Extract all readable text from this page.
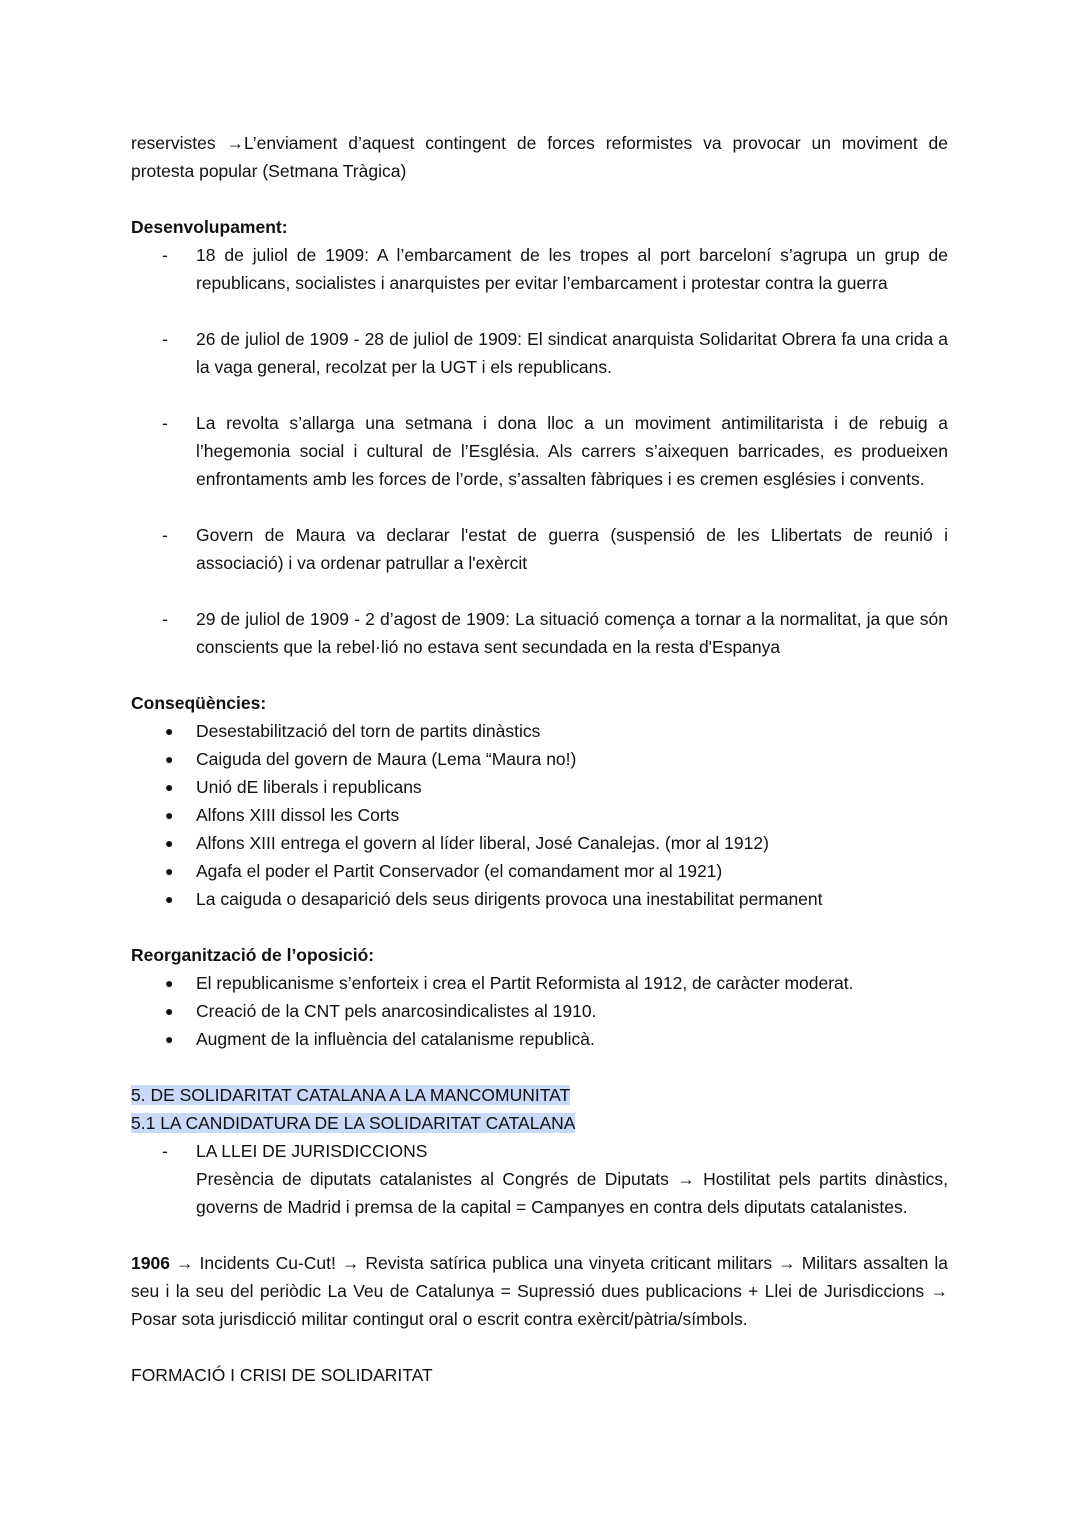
reservistes →L’enviament d’aquest contingent de forces reformistes va provocar un moviment de protesta popular (Setmana Tràgica)

Desenvolupament:

- 18 de juliol de 1909: A l’embarcament de les tropes al port barceloní s’agrupa un grup de republicans, socialistes i anarquistes per evitar l’embarcament i protestar contra la guerra
- 26 de juliol de 1909 - 28 de juliol de 1909: El sindicat anarquista Solidaritat Obrera fa una crida a la vaga general, recolzat per la UGT i els republicans.
- La revolta s’allarga una setmana i dona lloc a un moviment antimilitarista i de rebuig a l’hegemonia social i cultural de l’Església. Als carrers s’aixequen barricades, es produeixen enfrontaments amb les forces de l’orde, s’assalten fàbriques i es cremen esglésies i convents.
- Govern de Maura va declarar l'estat de guerra (suspensió de les Llibertats de reunió i associació) i va ordenar patrullar a l'exèrcit
- 29 de juliol de 1909 - 2 d’agost de 1909: La situació comença a tornar a la normalitat, ja que són conscients que la rebel·lió no estava sent secundada en la resta d'Espanya

Conseqüències:

● Desestabilització del torn de partits dinàstics
● Caiguda del govern de Maura (Lema “Maura no!)
● Unió dE liberals i republicans
● Alfons XIII dissol les Corts
● Alfons XIII entrega el govern al líder liberal, José Canalejas. (mor al 1912)
● Agafa el poder el Partit Conservador (el comandament mor al 1921)
● La caiguda o desaparició dels seus dirigents provoca una inestabilitat permanent

Reorganització de l’oposició:

● El republicanisme s’enforteix i crea el Partit Reformista al 1912, de caràcter moderat.
● Creació de la CNT pels anarcosindicalistes al 1910.
● Augment de la influència del catalanisme republicà.

5. DE SOLIDARITAT CATALANA A LA MANCOMUNITAT

5.1 LA CANDIDATURA DE LA SOLIDARITAT CATALANA

- LA LLEI DE JURISDICCIONS
Presència de diputats catalanistes al Congrés de Diputats → Hostilitat pels partits dinàstics, governs de Madrid i premsa de la capital = Campanyes en contra dels diputats catalanistes.

1906 → Incidents Cu-Cut! → Revista satírica publica una vinyeta criticant militars → Militars assalten la seu i la seu del periòdic La Veu de Catalunya = Supressió dues publicacions + Llei de Jurisdiccions → Posar sota jurisdicció militar contingut oral o escrit contra exèrcit/pàtria/símbols.

FORMACIÓ I CRISI DE SOLIDARITAT
